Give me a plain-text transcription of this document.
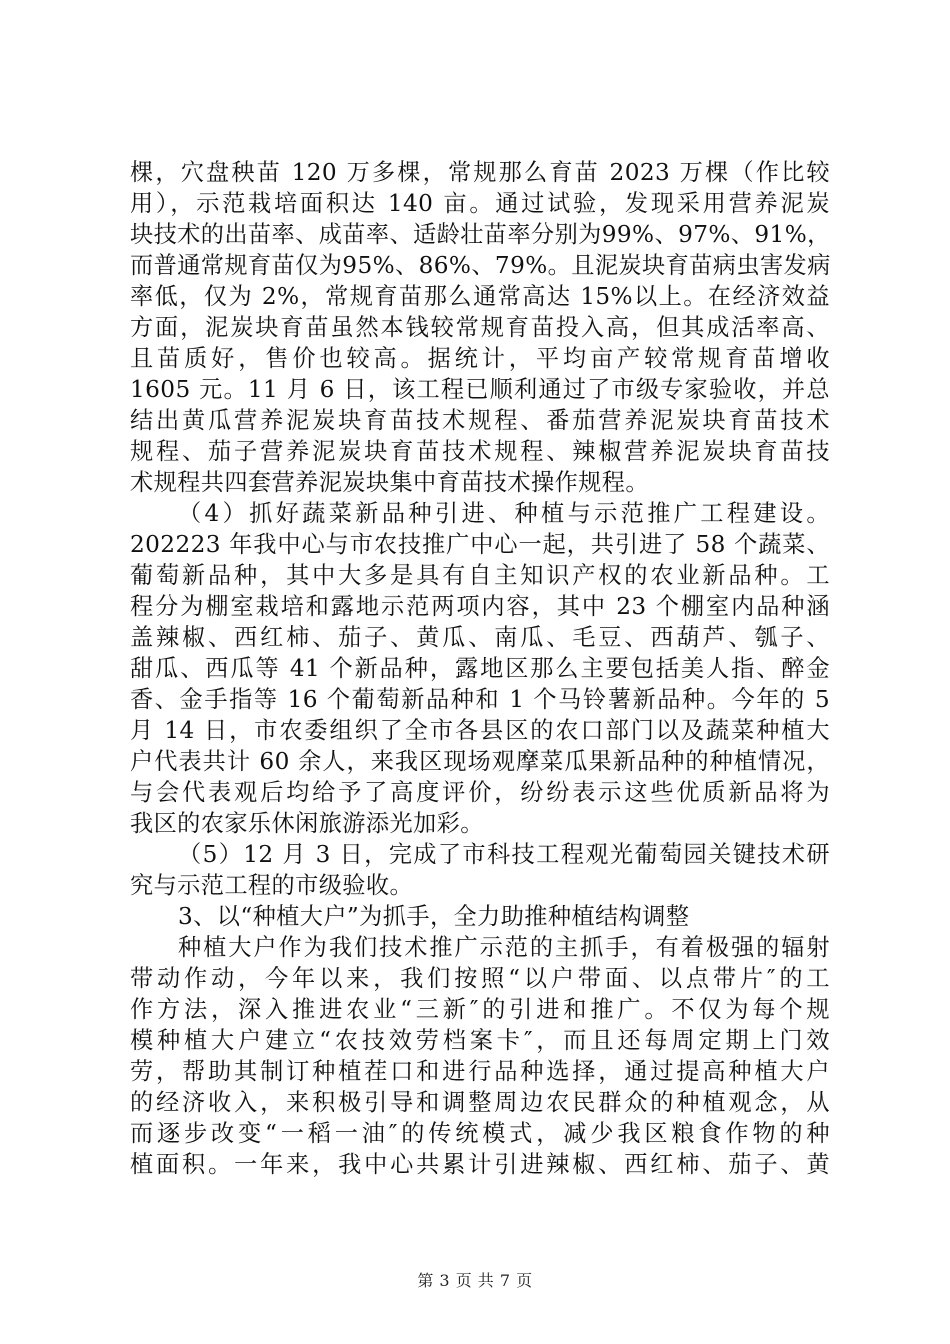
棵，穴盘秧苗 120 万多棵，常规那么育苗 2023 万棵（作比较
用），示范栽培面积达 140 亩。通过试验，发现采用营养泥炭
块技术的出苗率、成苗率、适龄壮苗率分别为99%、97%、91%，
而普通常规育苗仅为95%、86%、79%。且泥炭块育苗病虫害发病
率低，仅为 2%，常规育苗那么通常高达 15%以上。在经济效益
方面，泥炭块育苗虽然本钱较常规育苗投入高，但其成活率高、
且苗质好，售价也较高。据统计，平均亩产较常规育苗增收
1605 元。11 月 6 日，该工程已顺利通过了市级专家验收，并总
结出黄瓜营养泥炭块育苗技术规程、番茄营养泥炭块育苗技术
规程、茄子营养泥炭块育苗技术规程、辣椒营养泥炭块育苗技
术规程共四套营养泥炭块集中育苗技术操作规程。
（4）抓好蔬菜新品种引进、种植与示范推广工程建设。
202223 年我中心与市农技推广中心一起，共引进了 58 个蔬菜、
葡萄新品种，其中大多是具有自主知识产权的农业新品种。工
程分为棚室栽培和露地示范两项内容，其中 23 个棚室内品种涵
盖辣椒、西红柿、茄子、黄瓜、南瓜、毛豆、西葫芦、瓠子、
甜瓜、西瓜等 41 个新品种，露地区那么主要包括美人指、醉金
香、金手指等 16 个葡萄新品种和 1 个马铃薯新品种。今年的 5
月 14 日，市农委组织了全市各县区的农口部门以及蔬菜种植大
户代表共计 60 余人，来我区现场观摩菜瓜果新品种的种植情况，
与会代表观后均给予了高度评价，纷纷表示这些优质新品将为
我区的农家乐休闲旅游添光加彩。
（5）12 月 3 日，完成了市科技工程观光葡萄园关键技术研
究与示范工程的市级验收。
3、以“种植大户”为抓手，全力助推种植结构调整
种植大户作为我们技术推广示范的主抓手，有着极强的辐射
带动作动，今年以来，我们按照“以户带面、以点带片″的工
作方法，深入推进农业“三新″的引进和推广。不仅为每个规
模种植大户建立“农技效劳档案卡″，而且还每周定期上门效
劳，帮助其制订种植茬口和进行品种选择，通过提高种植大户
的经济收入，来积极引导和调整周边农民群众的种植观念，从
而逐步改变“一稻一油″的传统模式，减少我区粮食作物的种
植面积。一年来，我中心共累计引进辣椒、西红柿、茄子、黄
第 3 页 共 7 页
